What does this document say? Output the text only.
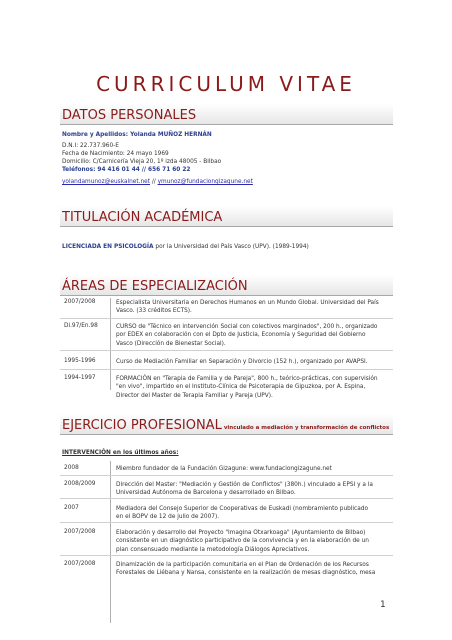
CURRICULUM VITAE
DATOS PERSONALES
Nombre y Apellidos: Yolanda MUÑOZ HERNÁN
D.N.I: 22.737.960-E
Fecha de Nacimiento: 24 mayo 1969
Domicilio: C/Carnicería Vieja 20, 1º izda 48005 - Bilbao
Teléfonos: 94 416 01 44 // 656 71 60 22
yolandamunoz@euskalnet.net // ymunoz@fundaciongizagune.net
TITULACIÓN ACADÉMICA
LICENCIADA EN PSICOLOGÍA por la Universidad del País Vasco (UPV). (1989-1994)
ÁREAS DE ESPECIALIZACIÓN
2007/2008	Especialista Universitaria en Derechos Humanos en un Mundo Global. Universidad del País
Vasco. (33 créditos ECTS).
Di.97/En.98	CURSO de "Técnico en intervención Social con colectivos marginados", 200 h., organizado
por EDEX en colaboración con el Dpto de Justicia, Economía y Seguridad del Gobierno
Vasco (Dirección de Bienestar Social).
1995-1996	Curso de Mediación Familiar en Separación y Divorcio (152 h.), organizado por AVAPSI.
1994-1997	FORMACIÓN en "Terapia de Familia y de Pareja", 800 h., teórico-prácticas, con supervisión
"en vivo", impartido en el Instituto-Clínica de Psicoterapia de Gipuzkoa, por A. Espina,
Director del Master de Terapia Familiar y Pareja (UPV).
EJERCICIO PROFESIONAL vinculado a mediación y transformación de conflictos
INTERVENCIÓN en los últimos años:
2008	Miembro fundador de la Fundación Gizagune: www.fundaciongizagune.net
2008/2009	Dirección del Master: "Mediación y Gestión de Conflictos" (380h.) vinculado a EPSI y a la
Universidad Autónoma de Barcelona y desarrollado en Bilbao.
2007	Mediadora del Consejo Superior de Cooperativas de Euskadi (nombramiento publicado
en el BOPV de 12 de julio de 2007).
2007/2008	Elaboración y desarrollo del Proyecto "Imagina Otxarkoaga" (Ayuntamiento de Bilbao)
consistente en un diagnóstico participativo de la convivencia y en la elaboración de un
plan consensuado mediante la metodología Diálogos Apreciativos.
2007/2008	Dinamización de la participación comunitaria en el Plan de Ordenación de los Recursos
Forestales de Liébana y Nansa, consistente en la realización de mesas diagnóstico, mesa
1
